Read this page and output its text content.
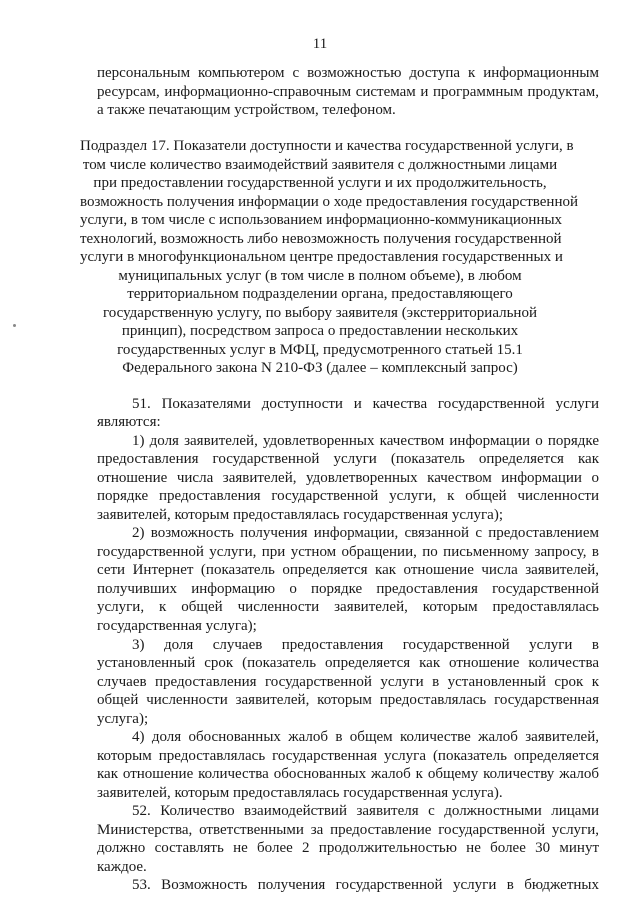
11
персональным компьютером с возможностью доступа к информационным
ресурсам, информационно-справочным системам и программным продуктам,
а также печатающим устройством, телефоном.
Подраздел 17. Показатели доступности и качества государственной услуги, в
том числе количество взаимодействий заявителя с должностными лицами
при предоставлении государственной услуги и их продолжительность,
возможность получения информации о ходе предоставления государственной
услуги, в том числе с использованием информационно-коммуникационных
технологий, возможность либо невозможность получения государственной
услуги в многофункциональном центре предоставления государственных и
муниципальных услуг (в том числе в полном объеме), в любом
территориальном подразделении органа, предоставляющего
государственную услугу, по выбору заявителя (экстерриториальной
принцип), посредством запроса о предоставлении нескольких
государственных услуг в МФЦ, предусмотренного статьей 15.1
Федерального закона N 210-ФЗ (далее – комплексный запрос)
51. Показателями доступности и качества государственной услуги
являются:
1) доля заявителей, удовлетворенных качеством информации о порядке
предоставления государственной услуги (показатель определяется как
отношение числа заявителей, удовлетворенных качеством информации о
порядке предоставления государственной услуги, к общей численности
заявителей, которым предоставлялась государственная услуга);
2) возможность получения информации, связанной с предоставлением
государственной услуги, при устном обращении, по письменному запросу, в
сети Интернет (показатель определяется как отношение числа заявителей,
получивших информацию о порядке предоставления государственной
услуги, к общей численности заявителей, которым предоставлялась
государственная услуга);
3) доля случаев предоставления государственной услуги в
установленный срок (показатель определяется как отношение количества
случаев предоставления государственной услуги в установленный срок к
общей численности заявителей, которым предоставлялась государственная
услуга);
4) доля обоснованных жалоб в общем количестве жалоб заявителей,
которым предоставлялась государственная услуга (показатель определяется
как отношение количества обоснованных жалоб к общему количеству жалоб
заявителей, которым предоставлялась государственная услуга).
52. Количество взаимодействий заявителя с должностными лицами
Министерства, ответственными за предоставление государственной услуги,
должно составлять не более 2 продолжительностью не более 30 минут
каждое.
53. Возможность получения государственной услуги в бюджетных
